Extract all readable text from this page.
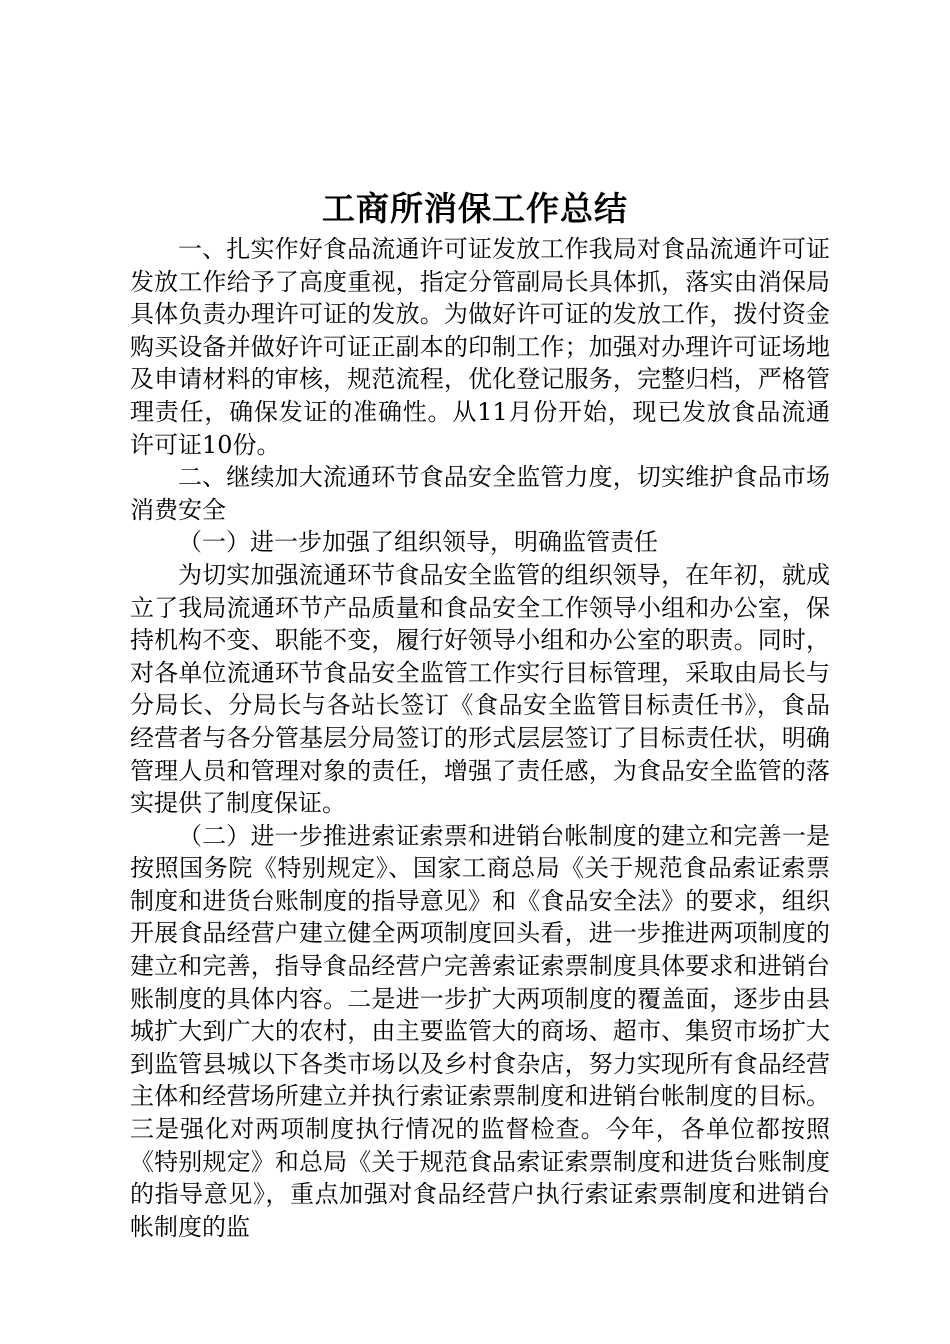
工商所消保工作总结

一、扎实作好食品流通许可证发放工作我局对食品流通许可证发放工作给予了高度重视，指定分管副局长具体抓，落实由消保局具体负责办理许可证的发放。为做好许可证的发放工作，拨付资金购买设备并做好许可证正副本的印制工作；加强对办理许可证场地及申请材料的审核，规范流程，优化登记服务，完整归档，严格管理责任，确保发证的准确性。从11月份开始，现已发放食品流通许可证10份。

二、继续加大流通环节食品安全监管力度，切实维护食品市场消费安全

（一）进一步加强了组织领导，明确监管责任

为切实加强流通环节食品安全监管的组织领导，在年初，就成立了我局流通环节产品质量和食品安全工作领导小组和办公室，保持机构不变、职能不变，履行好领导小组和办公室的职责。同时，对各单位流通环节食品安全监管工作实行目标管理，采取由局长与分局长、分局长与各站长签订《食品安全监管目标责任书》，食品经营者与各分管基层分局签订的形式层层签订了目标责任状，明确管理人员和管理对象的责任，增强了责任感，为食品安全监管的落实提供了制度保证。

（二）进一步推进索证索票和进销台帐制度的建立和完善一是按照国务院《特别规定》、国家工商总局《关于规范食品索证索票制度和进货台账制度的指导意见》和《食品安全法》的要求，组织开展食品经营户建立健全两项制度回头看，进一步推进两项制度的建立和完善，指导食品经营户完善索证索票制度具体要求和进销台账制度的具体内容。二是进一步扩大两项制度的覆盖面，逐步由县城扩大到广大的农村，由主要监管大的商场、超市、集贸市场扩大到监管县城以下各类市场以及乡村食杂店，努力实现所有食品经营主体和经营场所建立并执行索证索票制度和进销台帐制度的目标。三是强化对两项制度执行情况的监督检查。今年，各单位都按照《特别规定》和总局《关于规范食品索证索票制度和进货台账制度的指导意见》，重点加强对食品经营户执行索证索票制度和进销台帐制度的监
